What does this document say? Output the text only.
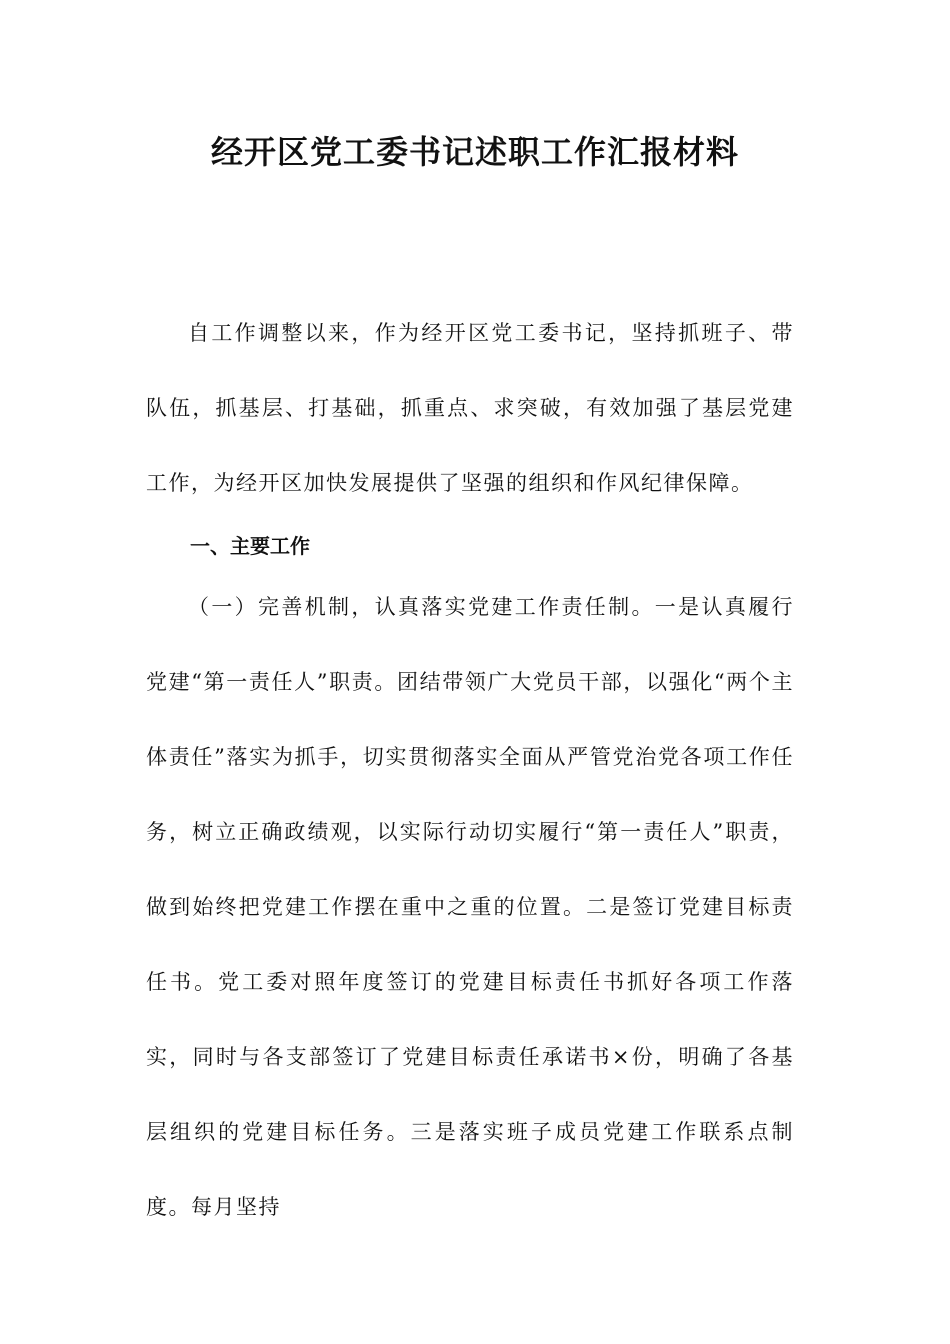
经开区党工委书记述职工作汇报材料

自工作调整以来，作为经开区党工委书记，坚持抓班子、带队伍，抓基层、打基础，抓重点、求突破，有效加强了基层党建工作，为经开区加快发展提供了坚强的组织和作风纪律保障。

一、主要工作

（一）完善机制，认真落实党建工作责任制。一是认真履行党建“第一责任人”职责。团结带领广大党员干部，以强化“两个主体责任”落实为抓手，切实贯彻落实全面从严管党治党各项工作任务，树立正确政绩观，以实际行动切实履行“第一责任人”职责，做到始终把党建工作摆在重中之重的位置。二是签订党建目标责任书。党工委对照年度签订的党建目标责任书抓好各项工作落实，同时与各支部签订了党建目标责任承诺书×份，明确了各基层组织的党建目标任务。三是落实班子成员党建工作联系点制度。每月坚持
